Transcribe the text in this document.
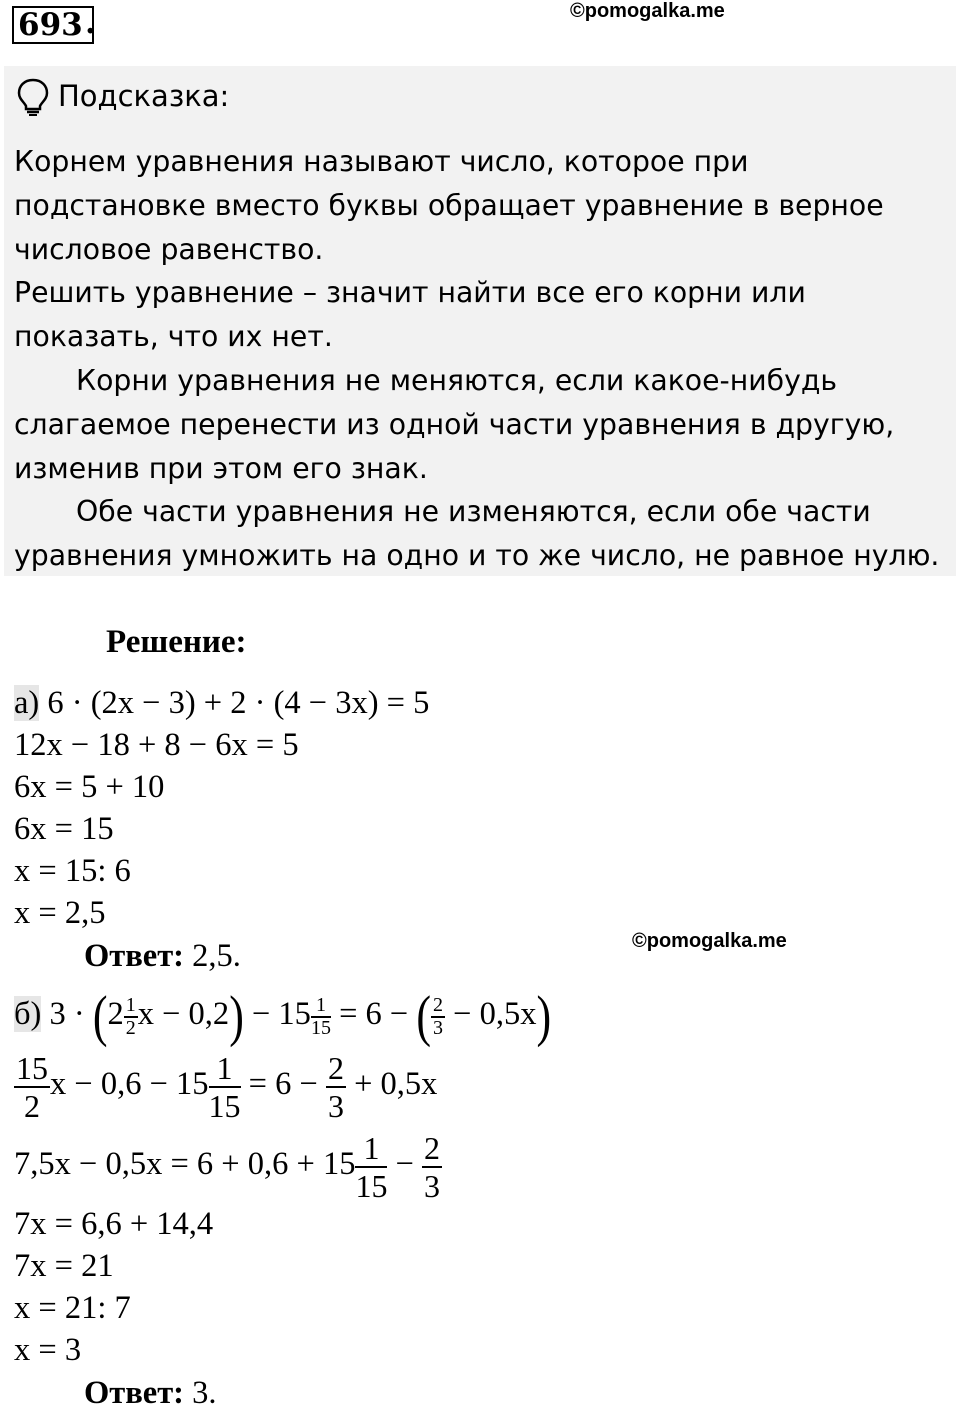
693 .	©pomogalka.me
Подсказка:

Корнем уравнения называют число, которое при

подстановке вместо буквы обращает уравнение в верное

числовое равенство.

Решить уравнение – значит найти все его корни или

показать, что их нет.

Корни уравнения не меняются, если какое-нибудь

слагаемое перенести из одной части уравнения в другую,

изменив при этом его знак.

Обе части уравнения не изменяются, если обе части

уравнения умножить на одно и то же число, не равное нулю.

Решение:
а) 6 · (2x − 3) + 2 · (4 − 3x) = 5
12x − 18 + 8 − 6x = 5
6x = 5 + 10
6x = 15
x = 15: 6
x = 2,5
Ответ: 2,5.	©pomogalka.me
б) $3 \cdot (2 \frac{1}{2}$ $x - 0,2) - 15 \frac{1}{15} = 6$ − ( $\frac{2}{3} - 0,5x$)
$\frac{15}{2}$ $x - 0,6 - 15 \frac{1}{15} = 6 - \frac{2}{3} + 0,5x$
$7,5x - 0,5x = 6 + 0,6 + 15 \frac{1}{15} - \frac{2}{3}$
7x = 6,6 + 14,4
7x = 21
x = 21: 7
x = 3
Ответ: 3.
